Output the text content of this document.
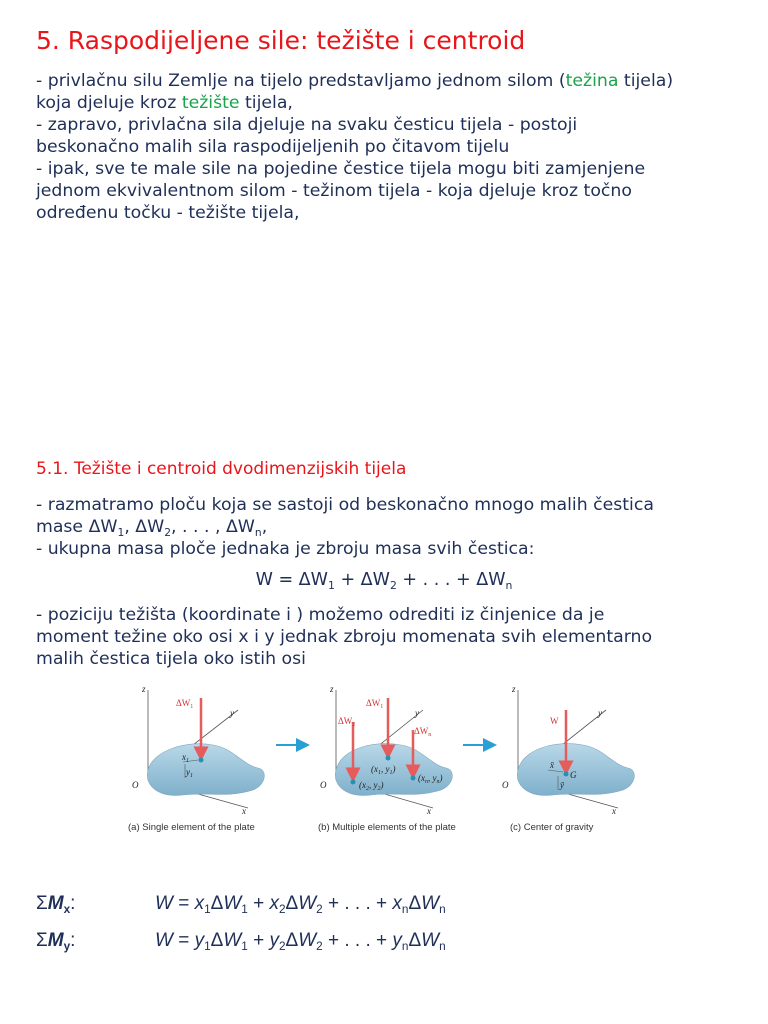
5. Raspodijeljene sile: težište i centroid
- privlačnu silu Zemlje na tijelo predstavljamo jednom silom (težina tijela)
koja djeluje kroz težište tijela,
- zapravo, privlačna sila djeluje na svaku česticu tijela - postoji
beskonačno malih sila raspodijeljenih po čitavom tijelu
- ipak, sve te male sile na pojedine čestice tijela mogu biti zamjenjene
jednom ekvivalentnom silom - težinom tijela - koja djeluje kroz točno
određenu točku - težište tijela,
5.1. Težište i centroid dvodimenzijskih tijela
- razmatramo ploču koja se sastoji od beskonačno mnogo malih čestica
mase $\Delta W_1$, $\Delta W_2$, . . . , $\Delta W_n$,
- ukupna masa ploče jednaka je zbroju masa svih čestica:
$W = \Delta W_1 + \Delta W_2$ + . . . + $\Delta W_n$
- poziciju težišta (koordinate i ) možemo odrediti iz činjenice da je
moment težine oko osi x i y jednak zbroju momenata svih elementarno
malih čestica tijela oko istih osi
z
y
x
O
$\Delta W_1$
$x_1$
$y_1$
(a) Single element of the plate
z
y
x
O
$\Delta W_1$
$\Delta W_2$
$\Delta W_n$
($x_1$, $y_1$)
($x_2$, $y_2$)
($x_n$, $y_n$)
(b) Multiple elements of the plate
z
y
x
O
W
G
x̄
ȳ
(c) Center of gravity
$\Sigma M_x$:	$W = x_1\Delta W_1 + x_2\Delta W_2$ + . . . + $x_n\Delta W_n$
$\Sigma M_y$:	$W = y_1\Delta W_1 + y_2\Delta W_2$ + . . . + $y_n\Delta W_n$
